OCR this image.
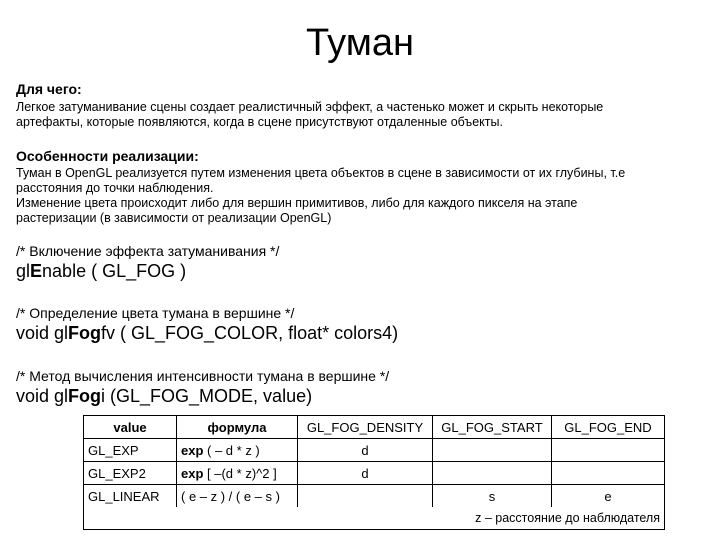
Туман
Для чего:
Легкое затуманивание сцены создает реалистичный эффект, а частенько может и скрыть некоторые
артефакты, которые появляются, когда в сцене присутствуют отдаленные объекты.
Особенности реализации:
Туман в OpenGL реализуется путем изменения цвета объектов в сцене в зависимости от их глубины, т.е
расстояния до точки наблюдения.
Изменение цвета происходит либо для вершин примитивов, либо для каждого пикселя на этапе
растеризации (в зависимости от реализации OpenGL)
/* Включение эффекта затуманивания */
glEnable ( GL_FOG )
/* Определение цвета тумана в вершине */
void glFogfv ( GL_FOG_COLOR, float* colors4)
/* Метод вычисления интенсивности тумана в вершине */
void glFogi (GL_FOG_MODE, value)
value	формула	GL_FOG_DENSITY	GL_FOG_START	GL_FOG_END
GL_EXP	exp ( – d * z )	d		
GL_EXP2	exp [ –(d * z)^2 ]	d		
GL_LINEAR	( e – z ) / ( e – s )		s	e
z – расстояние до наблюдателя				
